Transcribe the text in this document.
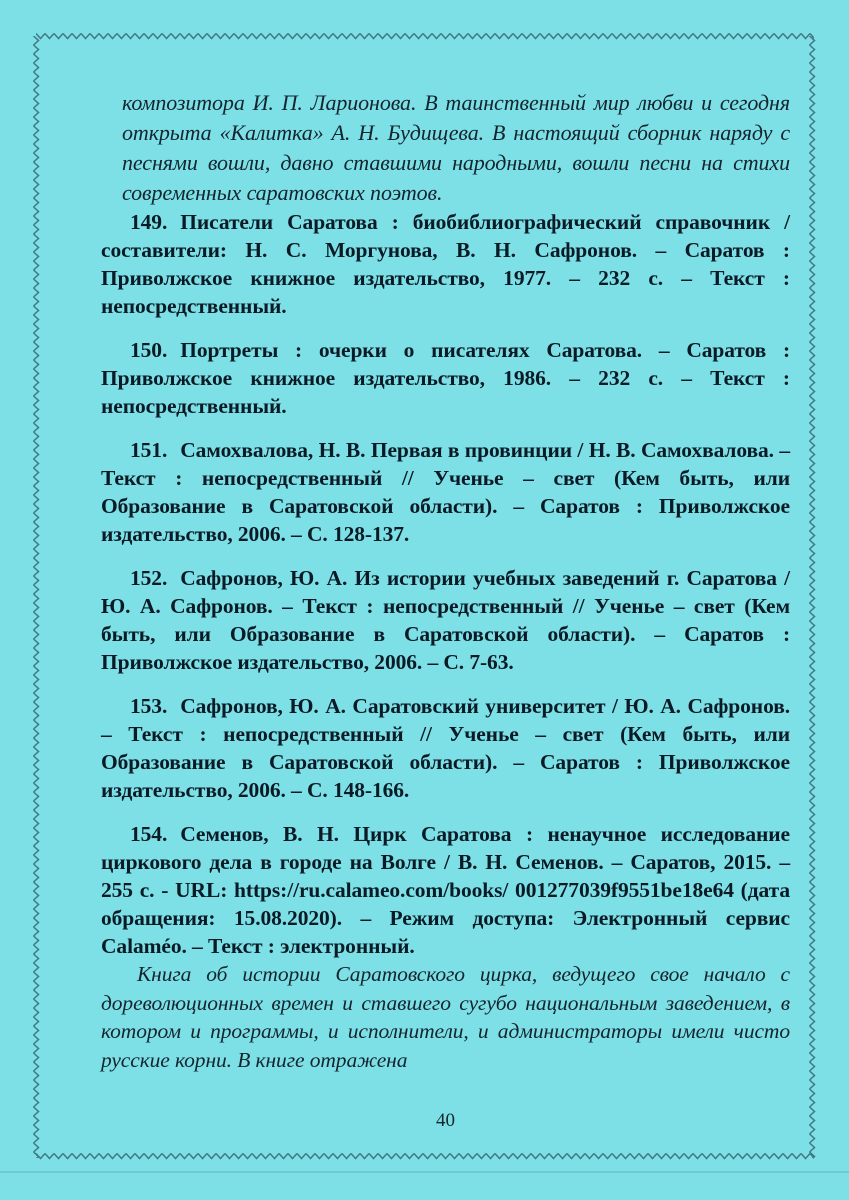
композитора И. П. Ларионова. В таинственный мир любви и сегодня открыта «Калитка» А. Н. Будищева. В настоящий сборник наряду с песнями вошли, давно ставшими народными, вошли песни на стихи современных саратовских поэтов.

149. Писатели Саратова : биобиблиографический справочник / составители: Н. С. Моргунова, В. Н. Сафронов. – Саратов : Приволжское книжное издательство, 1977. – 232 с. – Текст : непосредственный.

150. Портреты : очерки о писателях Саратова. – Саратов : Приволжское книжное издательство, 1986. – 232 с. – Текст : непосредственный.

151. Самохвалова, Н. В. Первая в провинции / Н. В. Самохвалова. – Текст : непосредственный // Ученье – свет (Кем быть, или Образование в Саратовской области). – Саратов : Приволжское издательство, 2006. – С. 128-137.

152. Сафронов, Ю. А. Из истории учебных заведений г. Саратова / Ю. А. Сафронов. – Текст : непосредственный // Ученье – свет (Кем быть, или Образование в Саратовской области). – Саратов : Приволжское издательство, 2006. – С. 7-63.

153. Сафронов, Ю. А. Саратовский университет / Ю. А. Сафронов. – Текст : непосредственный // Ученье – свет (Кем быть, или Образование в Саратовской области). – Саратов : Приволжское издательство, 2006. – С. 148-166.

154. Семенов, В. Н. Цирк Саратова : ненаучное исследование циркового дела в городе на Волге / В. Н. Семенов. – Саратов, 2015. – 255 с. - URL: https://ru.calameo.com/books/ 001277039f9551be18e64 (дата обращения: 15.08.2020). – Режим доступа: Электронный сервис Calaméo. – Текст : электронный.

Книга об истории Саратовского цирка, ведущего свое начало с дореволюционных времен и ставшего сугубо национальным заведением, в котором и программы, и исполнители, и администраторы имели чисто русские корни. В книге отражена

40
